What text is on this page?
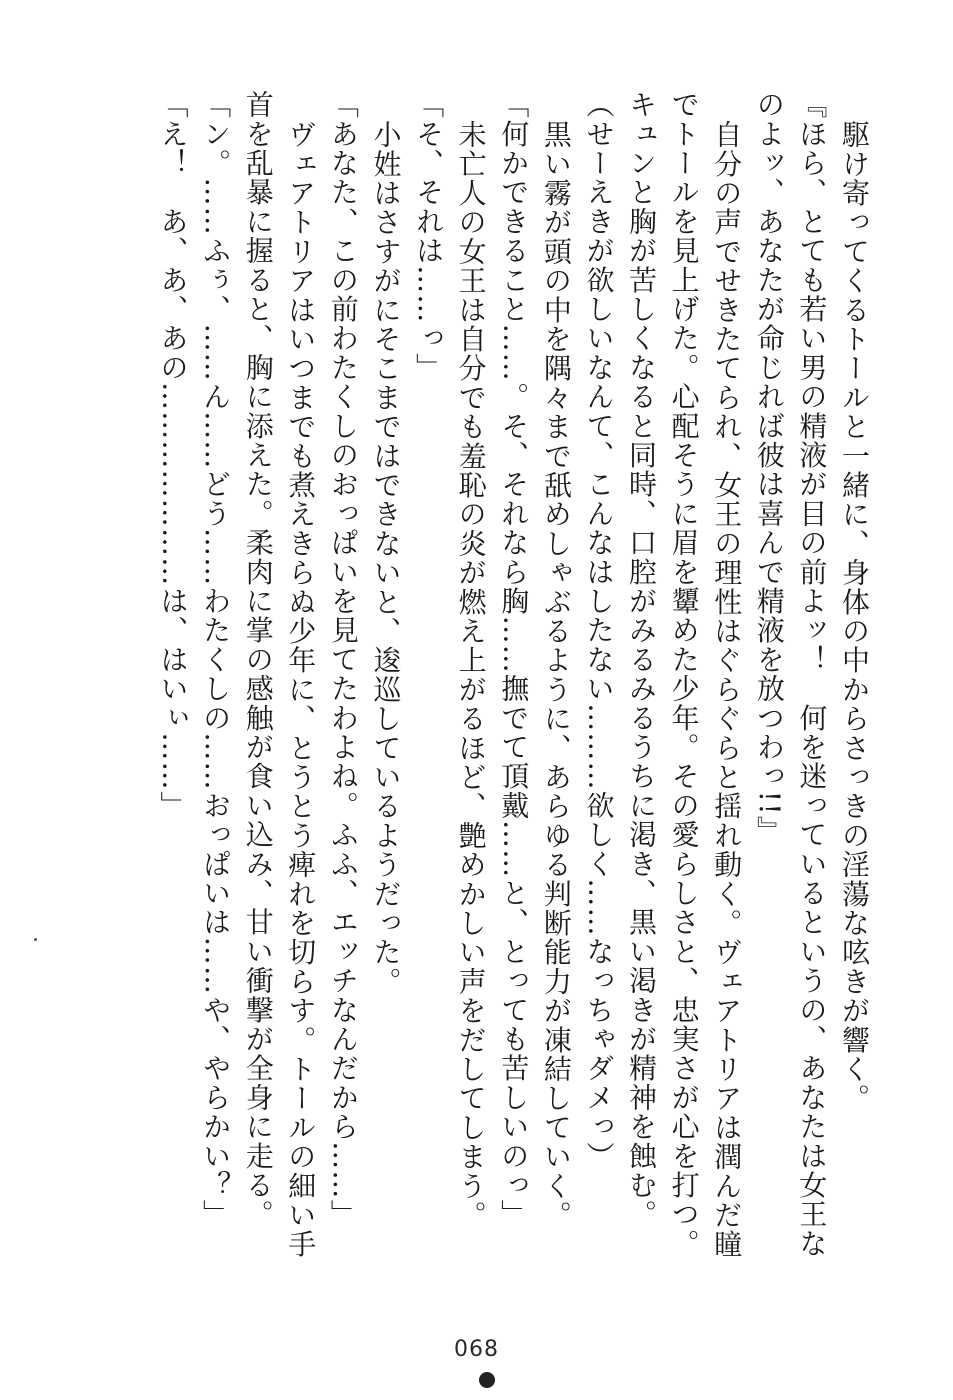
駆け寄ってくるトールと一緒に、身体の中からさっきの淫蕩な呟きが響く。
『ほら、とても若い男の精液が目の前よッ！　何を迷っているというの、あなたは女王な
のよッ、あなたが命じれば彼は喜んで精液を放つわっ!!』
自分の声でせきたてられ、女王の理性はぐらぐらと揺れ動く。ヴェアトリアは潤んだ瞳
でトールを見上げた。心配そうに眉を顰めた少年。その愛らしさと、忠実さが心を打つ。
キュンと胸が苦しくなると同時、口腔がみるみるうちに渇き、黒い渇きが精神を蝕む。
（せーえきが欲しいなんて、こんなはしたない………欲しく……なっちゃダメっ）
黒い霧が頭の中を隅々まで舐めしゃぶるように、あらゆる判断能力が凍結していく。
「何かできること……。そ、それなら胸……撫でて頂戴……と、とっても苦しいのっ」
未亡人の女王は自分でも羞恥の炎が燃え上がるほど、艶めかしい声をだしてしまう。
「そ、それは……っ」
小姓はさすがにそこまではできないと、逡巡しているようだった。
「あなた、この前わたくしのおっぱいを見てたわよね。ふふ、エッチなんだから……」
ヴェアトリアはいつまでも煮えきらぬ少年に、とうとう痺れを切らす。トールの細い手
首を乱暴に握ると、胸に添えた。柔肉に掌の感触が食い込み、甘い衝撃が全身に走る。
「ン。……ふぅ、……ん……どう……わたくしの……おっぱいは……や、やらかい？」
「え！　あ、あ、あの…………………は、はいぃ……」
068
